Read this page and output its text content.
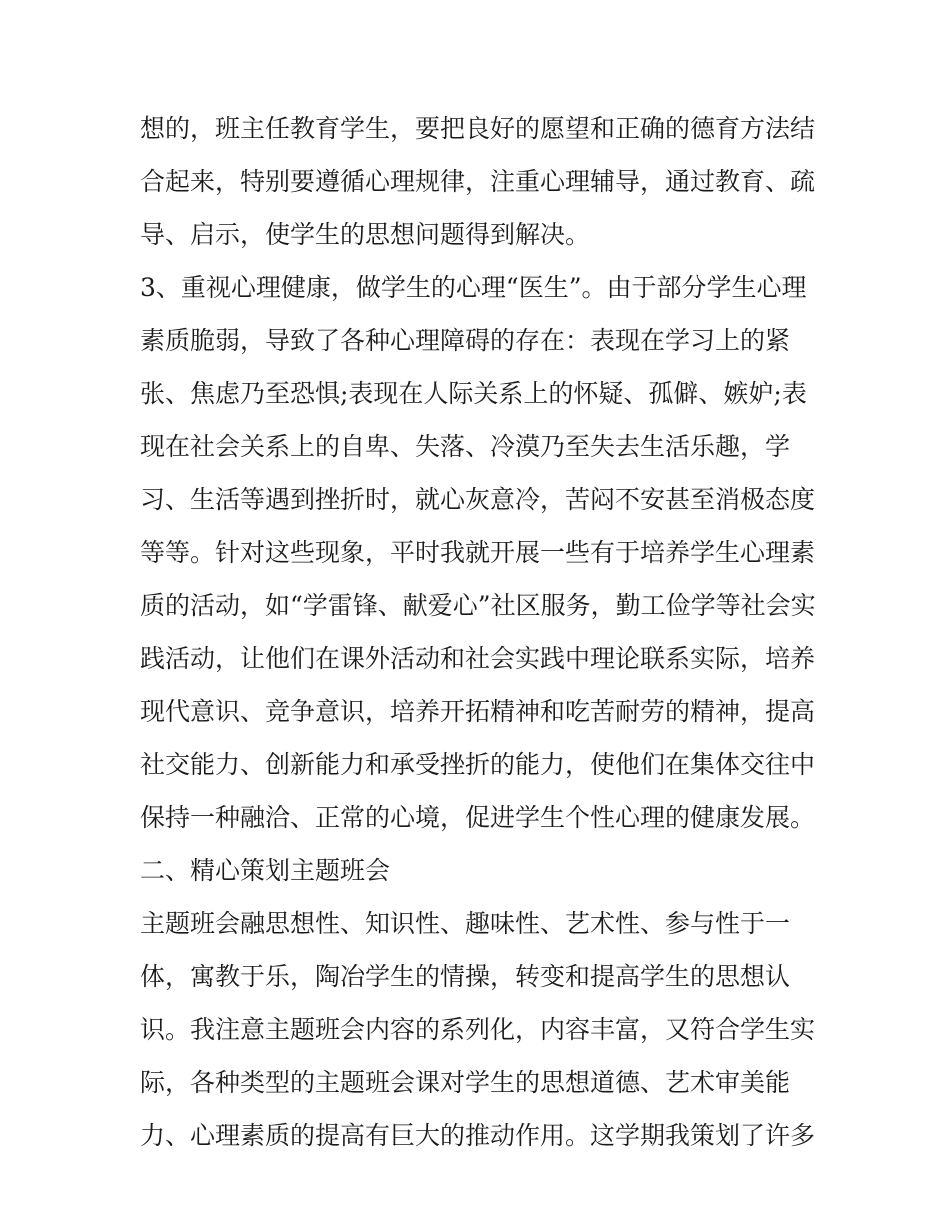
想的，班主任教育学生，要把良好的愿望和正确的德育方法结
合起来，特别要遵循心理规律，注重心理辅导，通过教育、疏
导、启示，使学生的思想问题得到解决。
3、重视心理健康，做学生的心理“医生”。由于部分学生心理
素质脆弱，导致了各种心理障碍的存在：表现在学习上的紧
张、焦虑乃至恐惧;表现在人际关系上的怀疑、孤僻、嫉妒;表
现在社会关系上的自卑、失落、冷漠乃至失去生活乐趣，学
习、生活等遇到挫折时，就心灰意冷，苦闷不安甚至消极态度
等等。针对这些现象，平时我就开展一些有于培养学生心理素
质的活动，如“学雷锋、献爱心”社区服务，勤工俭学等社会实
践活动，让他们在课外活动和社会实践中理论联系实际，培养
现代意识、竞争意识，培养开拓精神和吃苦耐劳的精神，提高
社交能力、创新能力和承受挫折的能力，使他们在集体交往中
保持一种融洽、正常的心境，促进学生个性心理的健康发展。
二、精心策划主题班会
主题班会融思想性、知识性、趣味性、艺术性、参与性于一
体，寓教于乐，陶冶学生的情操，转变和提高学生的思想认
识。我注意主题班会内容的系列化，内容丰富，又符合学生实
际，各种类型的主题班会课对学生的思想道德、艺术审美能
力、心理素质的提高有巨大的推动作用。这学期我策划了许多
